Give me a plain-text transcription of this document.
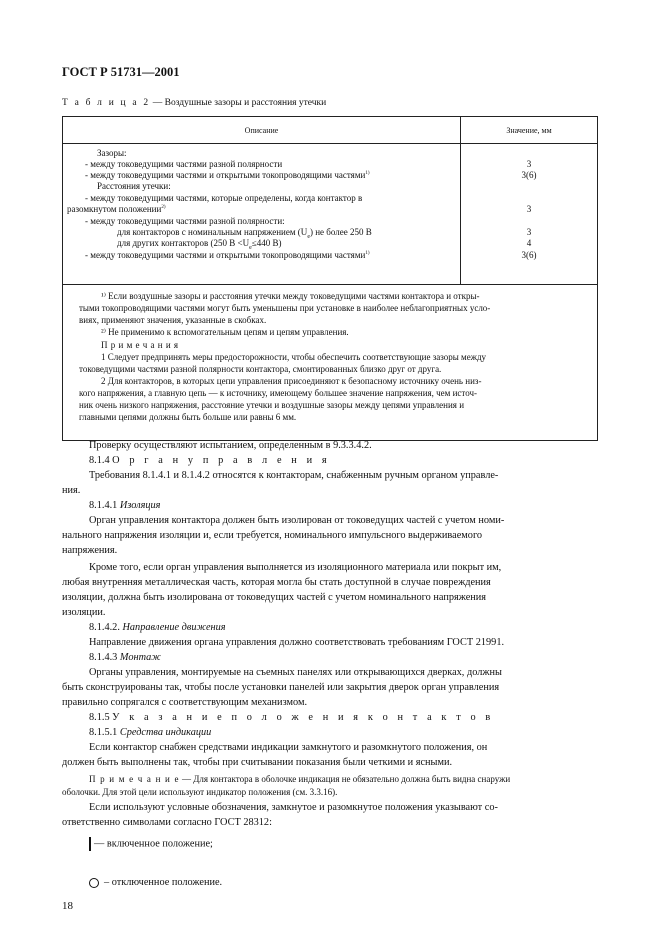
ГОСТ Р 51731—2001
Т а б л и ц а 2 — Воздушные зазоры и расстояния утечки
Описание	Значение, мм
Зазоры:
- между токоведущими частями разной полярности	3
- между токоведущими частями и открытыми токопроводящими частями$^{1)}$	3(6)
Расстояния утечки:
- между токоведущими частями, которые определены, когда контактор в
разомкнутом положении$^{2)}$	3
- между токоведущими частями разной полярности:
для контакторов с номинальным напряжением $(U_e)$ не более 250 В	3
для других контакторов (250 $В <U_e\le 440$ В)	4
- между токоведущими частями и открытыми токопроводящими частями$^{1)}$	3(6)
¹⁾ Если воздушные зазоры и расстояния утечки между токоведущими частями контактора и откры-
тыми токопроводящими частями могут быть уменьшены при установке в наиболее неблагоприятных усло-
виях, применяют значения, указанные в скобках.
²⁾ Не применимо к вспомогательным цепям и цепям управления.
П р и м е ч а н и я
1 Следует предпринять меры предосторожности, чтобы обеспечить соответствующие зазоры между
токоведущими частями разной полярности контактора, смонтированных близко друг от друга.
2 Для контакторов, в которых цепи управления присоединяют к безопасному источнику очень низ-
кого напряжения, а главную цепь — к источнику, имеющему большее значение напряжения, чем источ-
ник очень низкого напряжения, расстояние утечки и воздушные зазоры между цепями управления и
главными цепями должны быть больше или равны 6 мм.
Проверку осуществляют испытанием, определенным в 9.3.3.4.2.
8.1.4 О р г а н у п р а в л е н и я
Требования 8.1.4.1 и 8.1.4.2 относятся к контакторам, снабженным ручным органом управле-
ния.
8.1.4.1 Изоляция
Орган управления контактора должен быть изолирован от токоведущих частей с учетом номи-
нального напряжения изоляции и, если требуется, номинального импульсного выдерживаемого
напряжения.
Кроме того, если орган управления выполняется из изоляционного материала или покрыт им,
любая внутренняя металлическая часть, которая могла бы стать доступной в случае повреждения
изоляции, должна быть изолирована от токоведущих частей с учетом номинального напряжения
изоляции.
8.1.4.2. Направление движения
Направление движения органа управления должно соответствовать требованиям ГОСТ 21991.
8.1.4.3 Монтаж
Органы управления, монтируемые на съемных панелях или открывающихся дверках, должны
быть сконструированы так, чтобы после установки панелей или закрытия дверок орган управления
правильно сопрягался с соответствующим механизмом.
8.1.5 У к а з а н и е п о л о ж е н и я к о н т а к т о в
8.1.5.1 Средства индикации
Если контактор снабжен средствами индикации замкнутого и разомкнутого положения, он
должен быть выполнены так, чтобы при считывании показания были четкими и ясными.
П р и м е ч а н и е — Для контактора в оболочке индикация не обязательно должна быть видна снаружи
оболочки. Для этой цели используют индикатор положения (см. 3.3.16).
Если используют условные обозначения, замкнутое и разомкнутое положения указывают со-
ответственно символами согласно ГОСТ 28312:
— включенное положение;
– отключенное положение.
18
